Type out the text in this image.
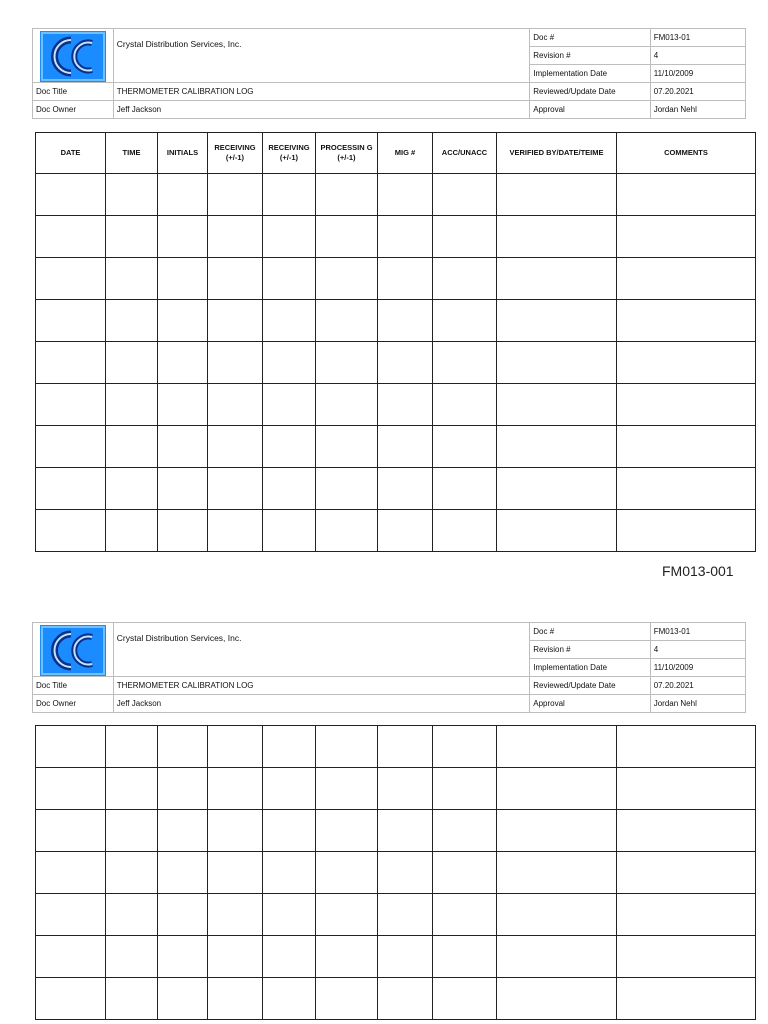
	Crystal Distribution Services, Inc.	Doc #	FM013-01
		Revision #	4
		Implementation Date	11/10/2009
Doc Title	THERMOMETER CALIBRATION LOG	Reviewed/Update Date	07.20.2021
Doc Owner	Jeff Jackson	Approval	Jordan Nehl
DATE	TIME	INITIALS	RECEIVING (+/-1)	RECEIVING (+/-1)	PROCESSIN G (+/-1)	MIG #	ACC/UNACC	VERIFIED BY/DATE/TEIME	COMMENTS

FM013-001
	Crystal Distribution Services, Inc.	Doc #	FM013-01
		Revision #	4
		Implementation Date	11/10/2009
Doc Title	THERMOMETER CALIBRATION LOG	Reviewed/Update Date	07.20.2021
Doc Owner	Jeff Jackson	Approval	Jordan Nehl
